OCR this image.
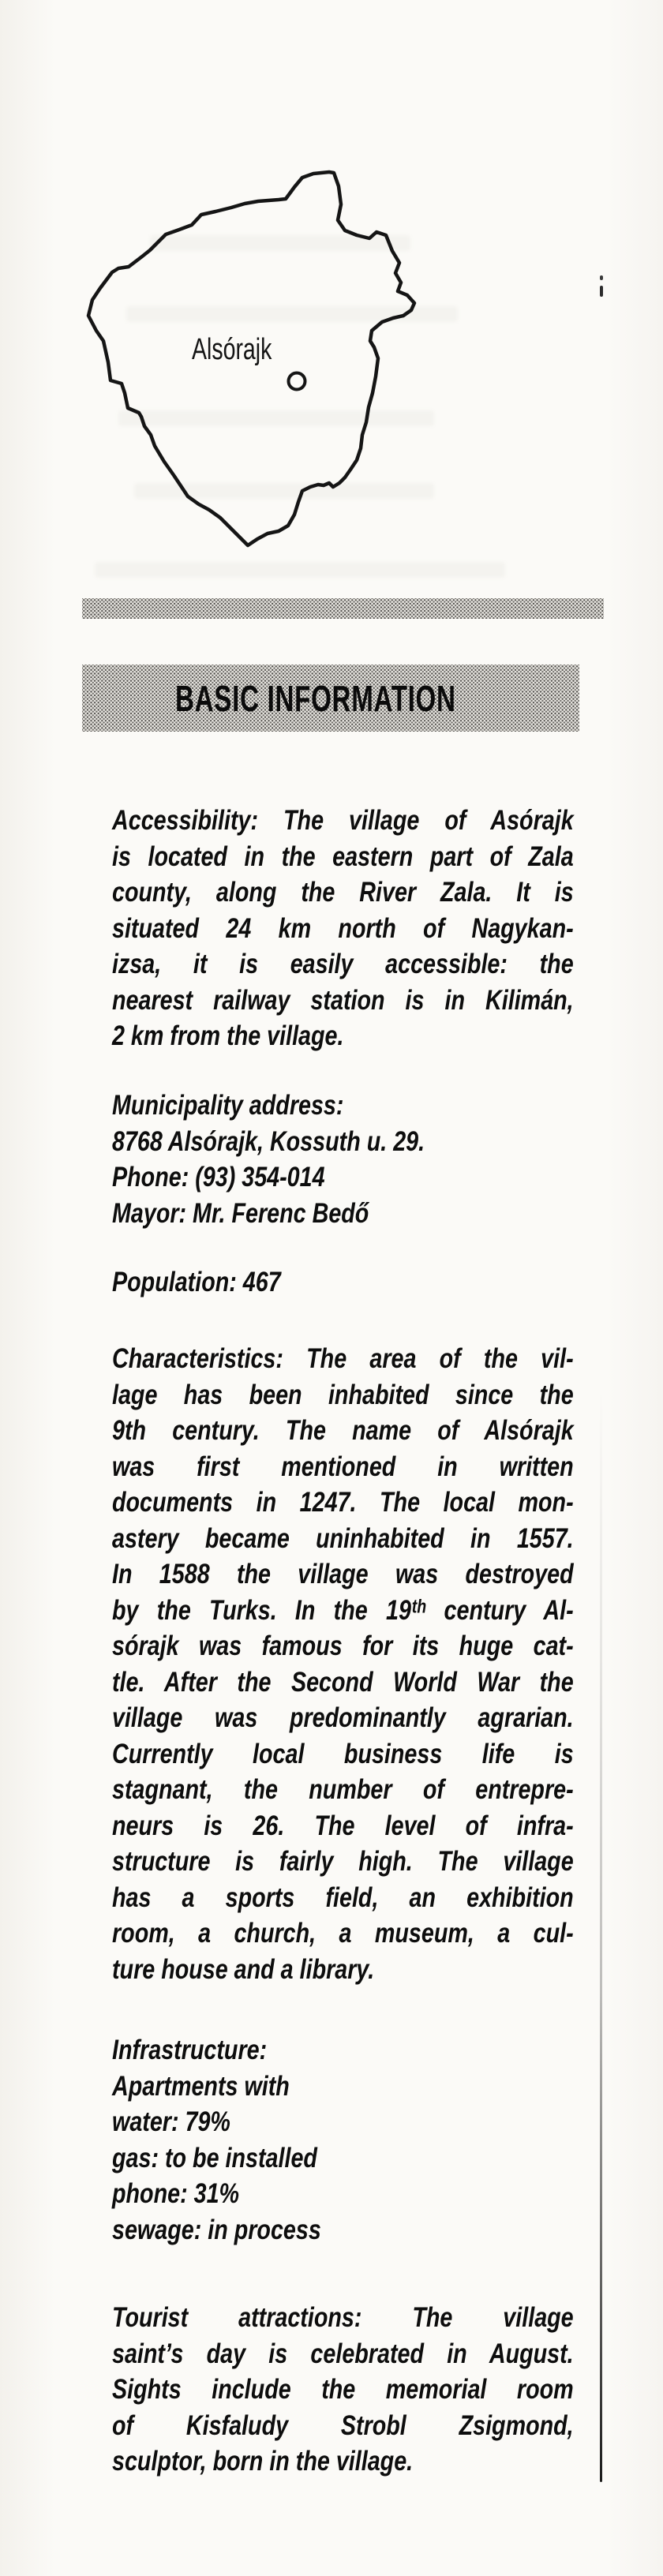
Alsórajk
BASIC INFORMATION
Accessibility: The village of Asórajk
is located in the eastern part of Zala
county, along the River Zala. It is
situated 24 km north of Nagykan-
izsa, it is easily accessible: the
nearest railway station is in Kilimán,
2 km from the village.
Municipality address:
8768 Alsórajk, Kossuth u. 29.
Phone: (93) 354-014
Mayor: Mr. Ferenc Bedő
Population: 467
Characteristics: The area of the vil-
lage has been inhabited since the
9th century. The name of Alsórajk
was first mentioned in written
documents in 1247. The local mon-
astery became uninhabited in 1557.
In 1588 the village was destroyed
by the Turks. In the 19ᵗʰ century Al-
sórajk was famous for its huge cat-
tle. After the Second World War the
village was predominantly agrarian.
Currently local business life is
stagnant, the number of entrepre-
neurs is 26. The level of infra-
structure is fairly high. The village
has a sports field, an exhibition
room, a church, a museum, a cul-
ture house and a library.
Infrastructure:
Apartments with
water: 79%
gas: to be installed
phone: 31%
sewage: in process
Tourist attractions: The village
saint’s day is celebrated in August.
Sights include the memorial room
of Kisfaludy Strobl Zsigmond,
sculptor, born in the village.
